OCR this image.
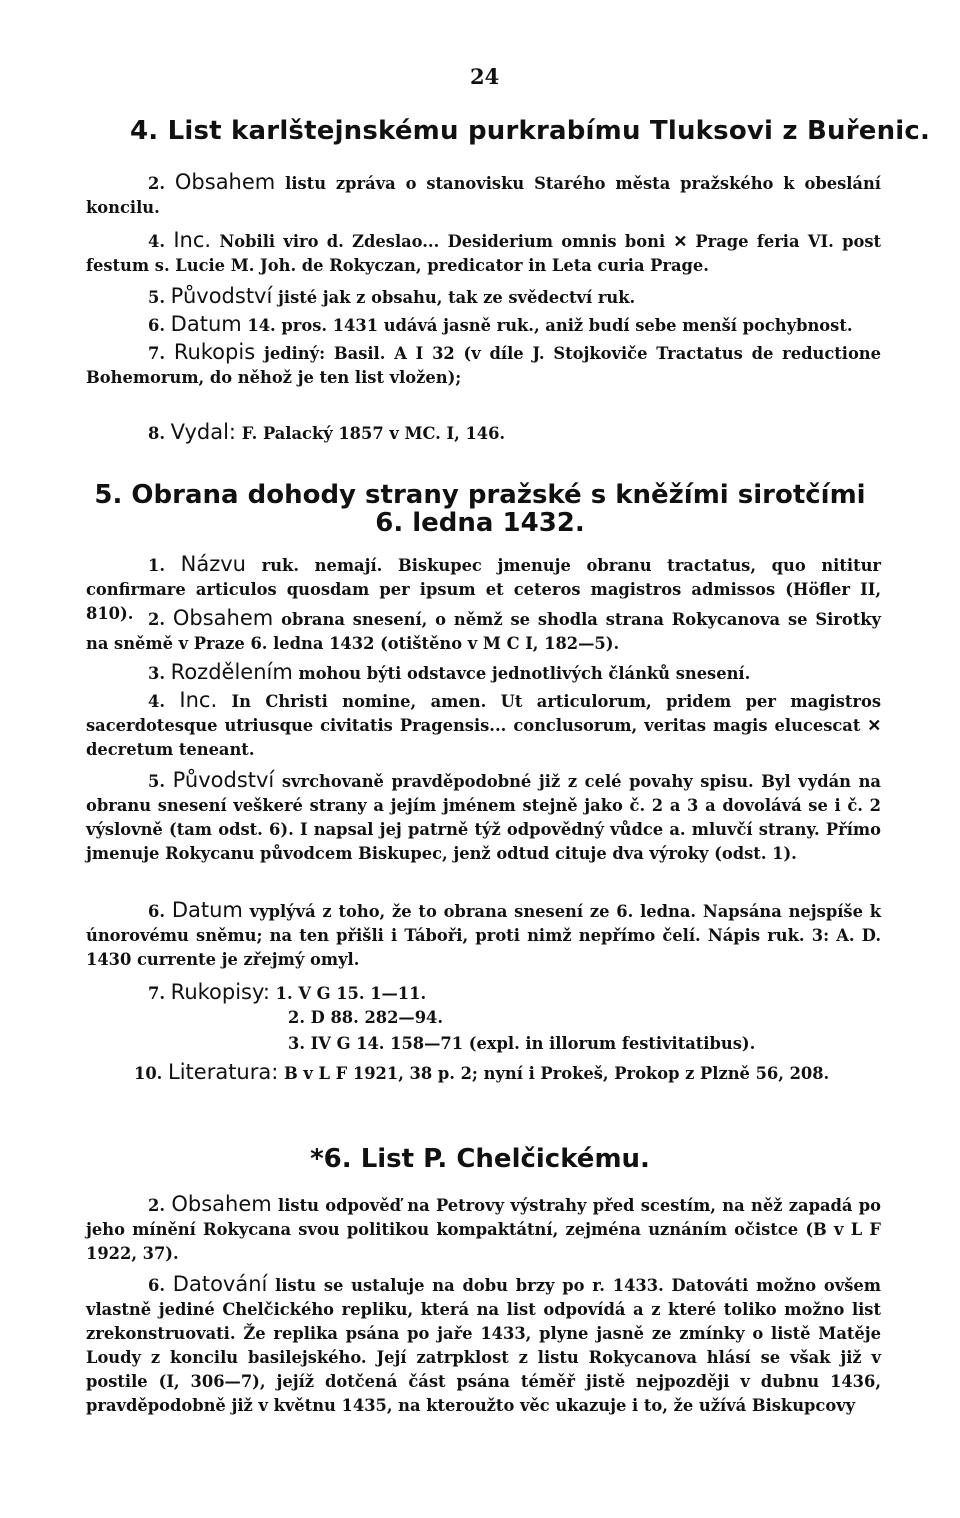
24
4. List karlštejnskému purkrabímu Tluksovi z Buřenic.
2. Obsahem listu zpráva o stanovisku Starého města pražského k obeslání koncilu.
4. Inc. Nobili viro d. Zdeslao... Desiderium omnis boni ✕ Prage feria VI. post festum s. Lucie M. Joh. de Rokyczan, predicator in Leta curia Prage.
5. Původství jisté jak z obsahu, tak ze svědectví ruk.
6. Datum 14. pros. 1431 udává jasně ruk., aniž budí sebe menší pochybnost.
7. Rukopis jediný: Basil. A I 32 (v díle J. Stojkoviče Tractatus de reductione Bohemorum, do něhož je ten list vložen);
8. Vydal: F. Palacký 1857 v MC. I, 146.
5. Obrana dohody strany pražské s kněžími sirotčími
6. ledna 1432.
1. Názvu ruk. nemají. Biskupec jmenuje obranu tractatus, quo nititur confirmare articulos quosdam per ipsum et ceteros magistros admissos (Höfler II, 810). 2. Obsahem obrana snesení, o němž se shodla strana Rokycanova se Sirotky na sněmě v Praze 6. ledna 1432 (otištěno v M C I, 182—5).
3. Rozdělením mohou býti odstavce jednotlivých článků snesení.
4. Inc. In Christi nomine, amen. Ut articulorum, pridem per magistros sacerdotesque utriusque civitatis Pragensis... conclusorum, veritas magis elucescat ✕ decretum teneant.
5. Původství svrchovaně pravděpodobné již z celé povahy spisu. Byl vydán na obranu snesení veškeré strany a jejím jménem stejně jako č. 2 a 3 a dovolává se i č. 2 výslovně (tam odst. 6). I napsal jej patrně týž odpovědný vůdce a. mluvčí strany. Přímo jmenuje Rokycanu původcem Biskupec, jenž odtud cituje dva výroky (odst. 1).
6. Datum vyplývá z toho, že to obrana snesení ze 6. ledna. Napsána nejspíše k únorovému sněmu; na ten přišli i Táboři, proti nimž nepřímo čelí. Nápis ruk. 3: A. D. 1430 currente je zřejmý omyl.
7. Rukopisy: 1. V G 15. 1—11.
2. D 88. 282—94.
3. IV G 14. 158—71 (expl. in illorum festivitatibus).
10. Literatura: B v L F 1921, 38 p. 2; nyní i Prokeš, Prokop z Plzně 56, 208.
*6. List P. Chelčickému.
2. Obsahem listu odpověď na Petrovy výstrahy před scestím, na něž zapadá po jeho mínění Rokycana svou politikou kompaktátní, zejména uznáním očistce (B v L F 1922, 37).
6. Datování listu se ustaluje na dobu brzy po r. 1433. Datováti možno ovšem vlastně jediné Chelčického repliku, která na list odpovídá a z které toliko možno list zrekonstruovati. Že replika psána po jaře 1433, plyne jasně ze zmínky o listě Matěje Loudy z koncilu basilejského. Její zatrpklost z listu Rokycanova hlásí se však již v postile (I, 306—7), jejíž dotčená část psána téměř jistě nejpozději v dubnu 1436, pravděpodobně již v květnu 1435, na kteroužto věc ukazuje i to, že užívá Biskupcovy
